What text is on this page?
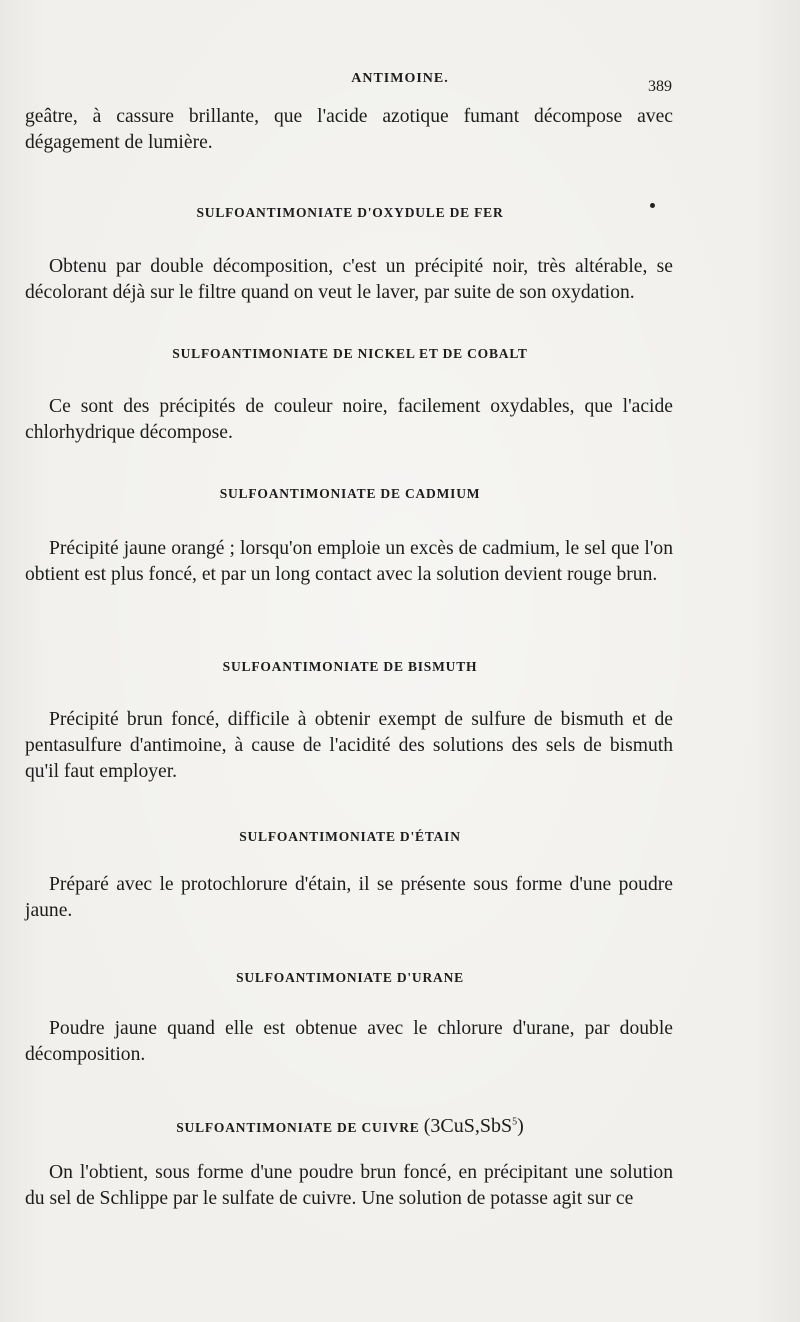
ANTIMOINE.	389

geâtre, à cassure brillante, que l'acide azotique fumant décompose avec dégagement de lumière.

SULFOANTIMONIATE D'OXYDULE DE FER

Obtenu par double décomposition, c'est un précipité noir, très altérable, se décolorant déjà sur le filtre quand on veut le laver, par suite de son oxydation.

SULFOANTIMONIATE DE NICKEL ET DE COBALT

Ce sont des précipités de couleur noire, facilement oxydables, que l'acide chlorhydrique décompose.

SULFOANTIMONIATE DE CADMIUM

Précipité jaune orangé ; lorsqu'on emploie un excès de cadmium, le sel que l'on obtient est plus foncé, et par un long contact avec la solution devient rouge brun.

SULFOANTIMONIATE DE BISMUTH

Précipité brun foncé, difficile à obtenir exempt de sulfure de bismuth et de pentasulfure d'antimoine, à cause de l'acidité des solutions des sels de bismuth qu'il faut employer.

SULFOANTIMONIATE D'ÉTAIN

Préparé avec le protochlorure d'étain, il se présente sous forme d'une poudre jaune.

SULFOANTIMONIATE D'URANE

Poudre jaune quand elle est obtenue avec le chlorure d'urane, par double décomposition.

SULFOANTIMONIATE DE CUIVRE (3CuS,SbS$^5$)

On l'obtient, sous forme d'une poudre brun foncé, en précipitant une solution du sel de Schlippe par le sulfate de cuivre. Une solution de potasse agit sur ce
